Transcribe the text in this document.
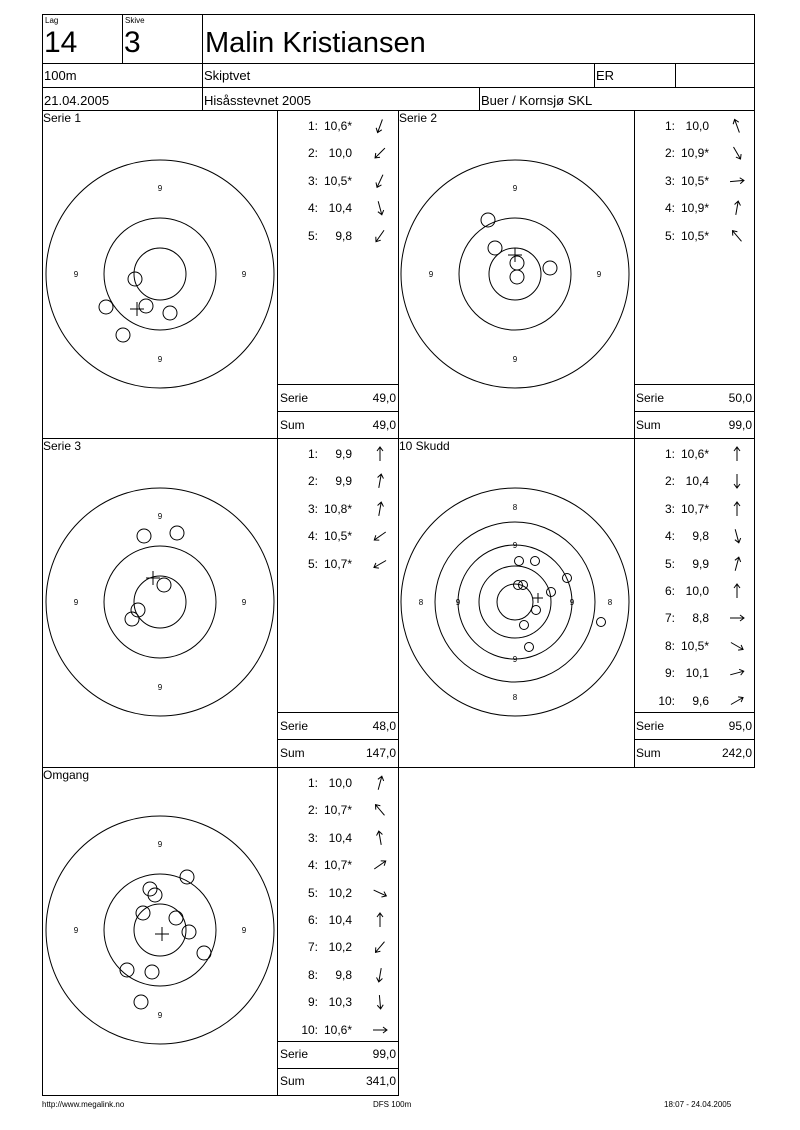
Lag
14
Skive
3 Malin Kristiansen
100m	Skiptvet	ER
21.04.2005	Hisåsstevnet 2005	Buer / Kornsjø SKL
Serie 1
9
9
9	9
1: 10,6*
2: 10,0
3: 10,5*
4: 10,4
5: 9,8
Serie	49,0
Sum	49,0
Serie 2
9
9
9	9
1: 10,0
2: 10,9*
3: 10,5*
4: 10,9*
5: 10,5*
Serie	50,0
Sum	99,0
Serie 3
9
9
9	9
1: 9,9
2: 9,9
3: 10,8*
4: 10,5*
5: 10,7*
Serie	48,0
Sum	147,0
10 Skudd
8
8
8	8
9
9
9	9
1: 10,6*
2: 10,4
3: 10,7*
4: 9,8
5: 9,9
6: 10,0
7: 8,8
8: 10,5*
9: 10,1
10: 9,6
Serie	95,0
Sum	242,0
Omgang
9
9
9	9
1: 10,0
2: 10,7*
3: 10,4
4: 10,7*
5: 10,2
6: 10,4
7: 10,2
8: 9,8
9: 10,3
10: 10,6*
Serie	99,0
Sum	341,0
http://www.megalink.no	DFS 100m	18:07 - 24.04.2005
